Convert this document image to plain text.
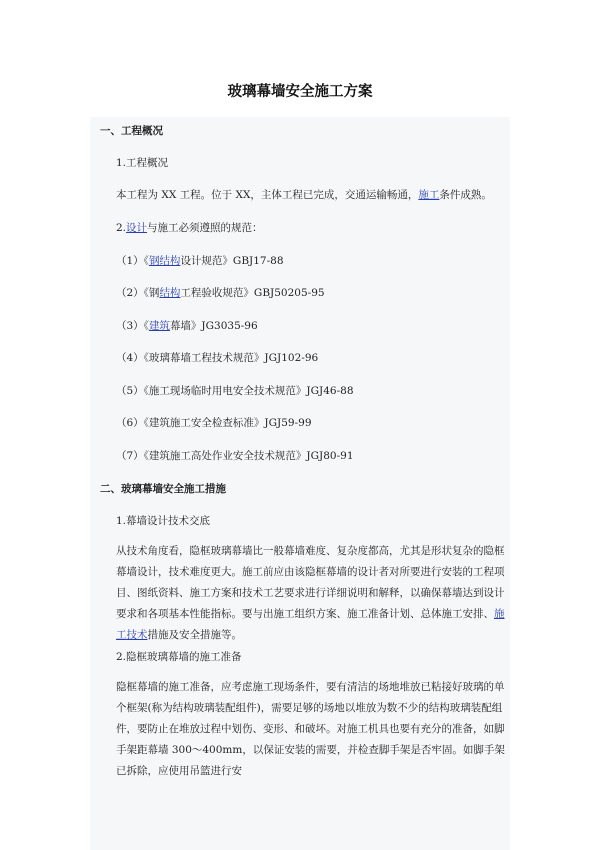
玻璃幕墙安全施工方案
一、工程概况
1.工程概况
本工程为 XX 工程。位于 XX，主体工程已完成，交通运输畅通，施工条件成熟。
2.设计与施工必须遵照的规范：
（1）《钢结构设计规范》GBJ17-88
（2）《钢结构工程验收规范》GBJ50205-95
（3）《建筑幕墙》JG3035-96
（4）《玻璃幕墙工程技术规范》JGJ102-96
（5）《施工现场临时用电安全技术规范》JGJ46-88
（6）《建筑施工安全检查标准》JGJ59-99
（7）《建筑施工高处作业安全技术规范》JGJ80-91
二、玻璃幕墙安全施工措施
1.幕墙设计技术交底
从技术角度看，隐框玻璃幕墙比一般幕墙难度、复杂度都高，尤其是形状复杂的隐框幕墙设计，技术难度更大。施工前应由该隐框幕墙的设计者对所要进行安装的工程项目、图纸资料、施工方案和技术工艺要求进行详细说明和解释，以确保幕墙达到设计要求和各项基本性能指标。要与出施工组织方案、施工准备计划、总体施工安排、施工技术措施及安全措施等。
2.隐框玻璃幕墙的施工准备
隐框幕墙的施工准备，应考虑施工现场条件，要有清洁的场地堆放已粘接好玻璃的单个框架(称为结构玻璃装配组件)，需要足够的场地以堆放为数不少的结构玻璃装配组件，要防止在堆放过程中划伤、变形、和破坏。对施工机具也要有充分的准备，如脚手架距幕墙 300～400mm，以保证安装的需要，并检查脚手架是否牢固。如脚手架已拆除，应使用吊篮进行安
